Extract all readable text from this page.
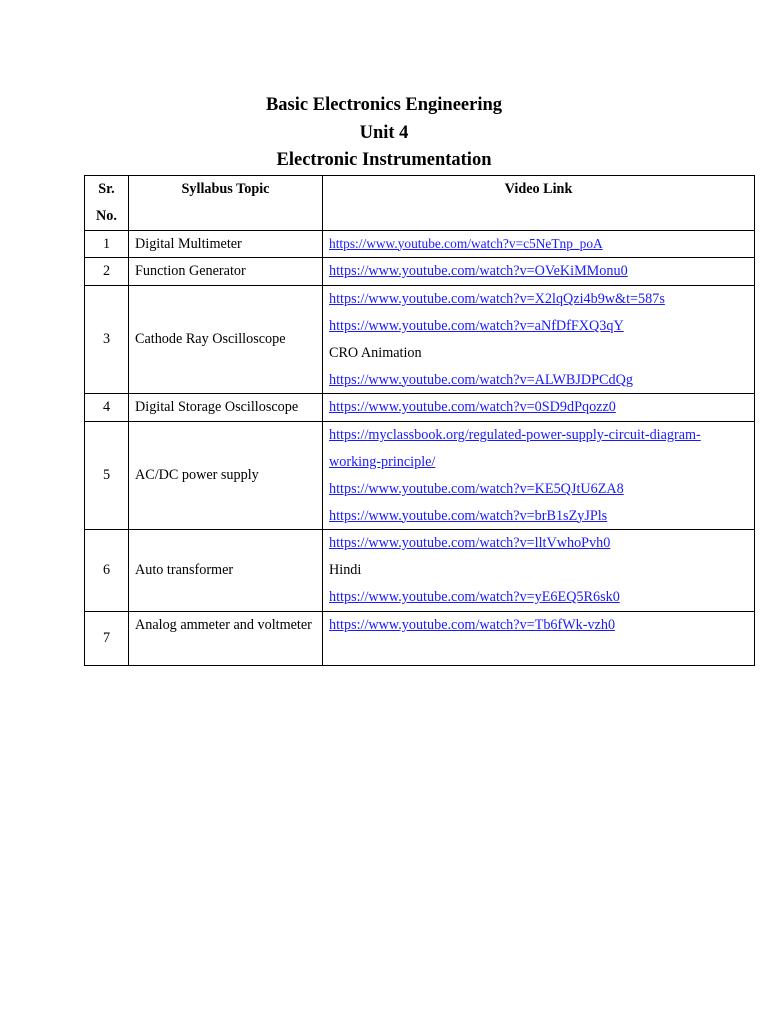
Basic Electronics Engineering
Unit 4
Electronic Instrumentation
Sr. No.	Syllabus Topic	Video Link
1	Digital Multimeter	https://www.youtube.com/watch?v=c5NeTnp_poA

2	Function Generator	https://www.youtube.com/watch?v=OVeKiMMonu0

3	Cathode Ray Oscilloscope	https://www.youtube.com/watch?v=X2lqQzi4b9w&t=587s
https://www.youtube.com/watch?v=aNfDfFXQ3qY
CRO Animation
https://www.youtube.com/watch?v=ALWBJDPCdQg

4	Digital Storage Oscilloscope	https://www.youtube.com/watch?v=0SD9dPqozz0

5	AC/DC power supply	https://myclassbook.org/regulated-power-supply-circuit-diagram-working-principle/
https://www.youtube.com/watch?v=KE5QJtU6ZA8
https://www.youtube.com/watch?v=brB1sZyJPls

6	Auto transformer	https://www.youtube.com/watch?v=lltVwhoPvh0
Hindi
https://www.youtube.com/watch?v=yE6EQ5R6sk0

7	Analog ammeter and voltmeter	https://www.youtube.com/watch?v=Tb6fWk-vzh0
